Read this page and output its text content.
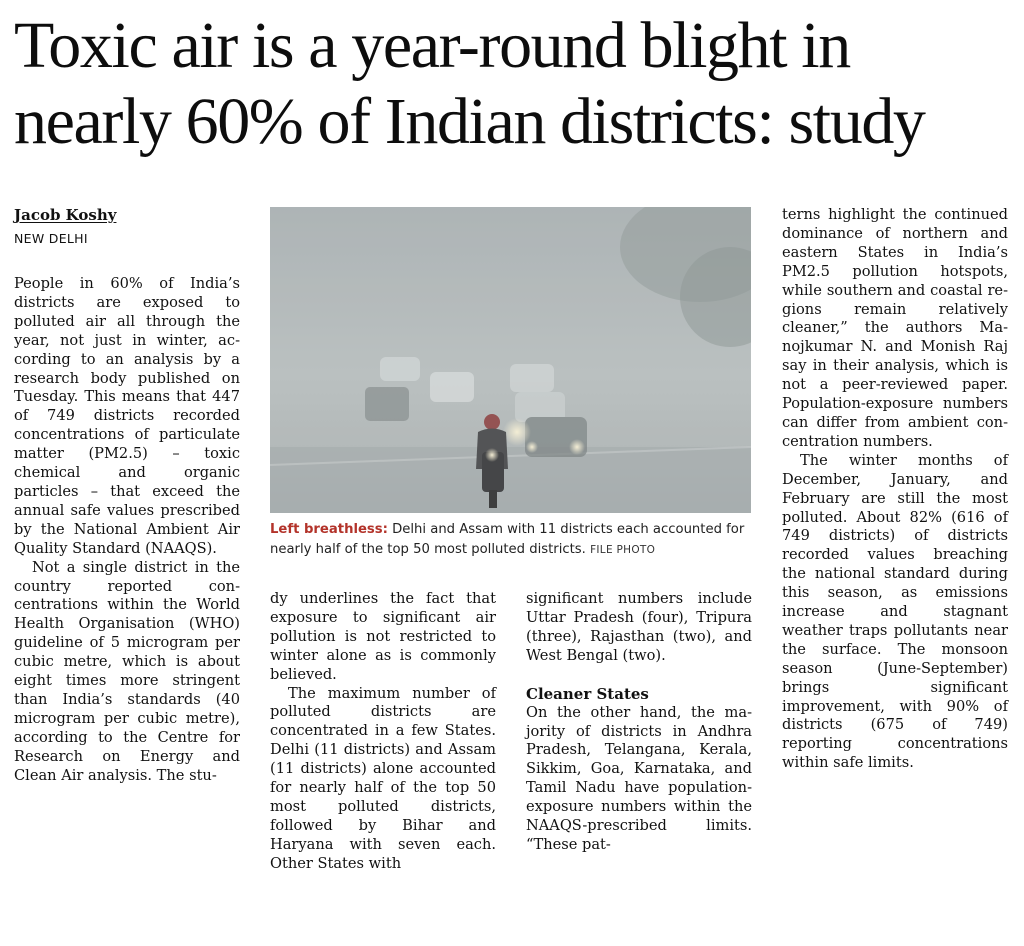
Toxic air is a year-round blight in
nearly 60% of Indian districts: study
Jacob Koshy
NEW DELHI

People in 60% of India’s districts are exposed to polluted air all through the year, not just in winter, according to an analysis by a research body published on Tuesday. This means that 447 of 749 districts recorded concentrations of particulate matter (PM2.5) – toxic chemical and organic particles – that exceed the annual safe values prescribed by the National Ambient Air Quality Standard (NAAQS).

Not a single district in the country reported concentrations within the World Health Organisation (WHO) guideline of 5 microgram per cubic metre, which is about eight times more stringent than India’s standards (40 microgram per cubic metre), according to the Centre for Research on Energy and Clean Air analysis. The stu-

Left breathless: Delhi and Assam with 11 districts each accounted for nearly half of the top 50 most polluted districts. FILE PHOTO

dy underlines the fact that exposure to significant air pollution is not restricted to winter alone as is commonly believed.

The maximum number of polluted districts are concentrated in a few States. Delhi (11 districts) and Assam (11 districts) alone accounted for nearly half of the top 50 most polluted districts, followed by Bihar and Haryana with seven each. Other States with

significant numbers include Uttar Pradesh (four), Tripura (three), Rajasthan (two), and West Bengal (two).

Cleaner States

On the other hand, the majority of districts in Andhra Pradesh, Telangana, Kerala, Sikkim, Goa, Karnataka, and Tamil Nadu have population-exposure numbers within the NAAQS-prescribed limits. “These pat-

terns highlight the continued dominance of northern and eastern States in India’s PM2.5 pollution hotspots, while southern and coastal regions remain relatively cleaner,” the authors Manojkumar N. and Monish Raj say in their analysis, which is not a peer-reviewed paper. Population-exposure numbers can differ from ambient concentration numbers.

The winter months of December, January, and February are still the most polluted. About 82% (616 of 749 districts) of districts recorded values breaching the national standard during this season, as emissions increase and stagnant weather traps pollutants near the surface. The monsoon season (June-September) brings significant improvement, with 90% of districts (675 of 749) reporting concentrations within safe limits.
